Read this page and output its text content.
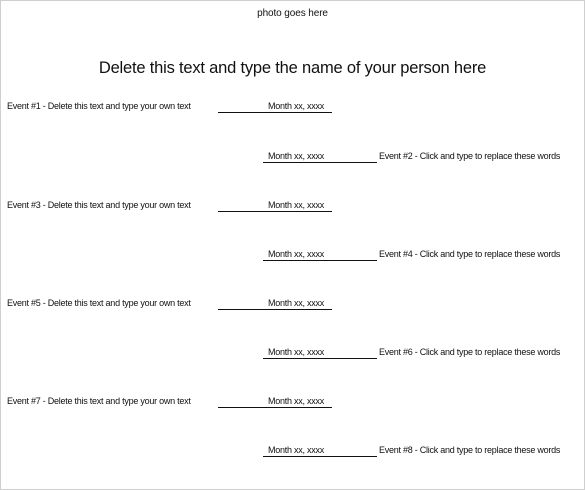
photo goes here
Delete this text and type the name of your person here
Event #1 - Delete this text and type your own text	Month xx, xxxx
Month xx, xxxx	Event #2 - Click and type to replace these words
Event #3 - Delete this text and type your own text	Month xx, xxxx
Month xx, xxxx	Event #4 - Click and type to replace these words
Event #5 - Delete this text and type your own text	Month xx, xxxx
Month xx, xxxx	Event #6 - Click and type to replace these words
Event #7 - Delete this text and type your own text	Month xx, xxxx
Month xx, xxxx	Event #8 - Click and type to replace these words
